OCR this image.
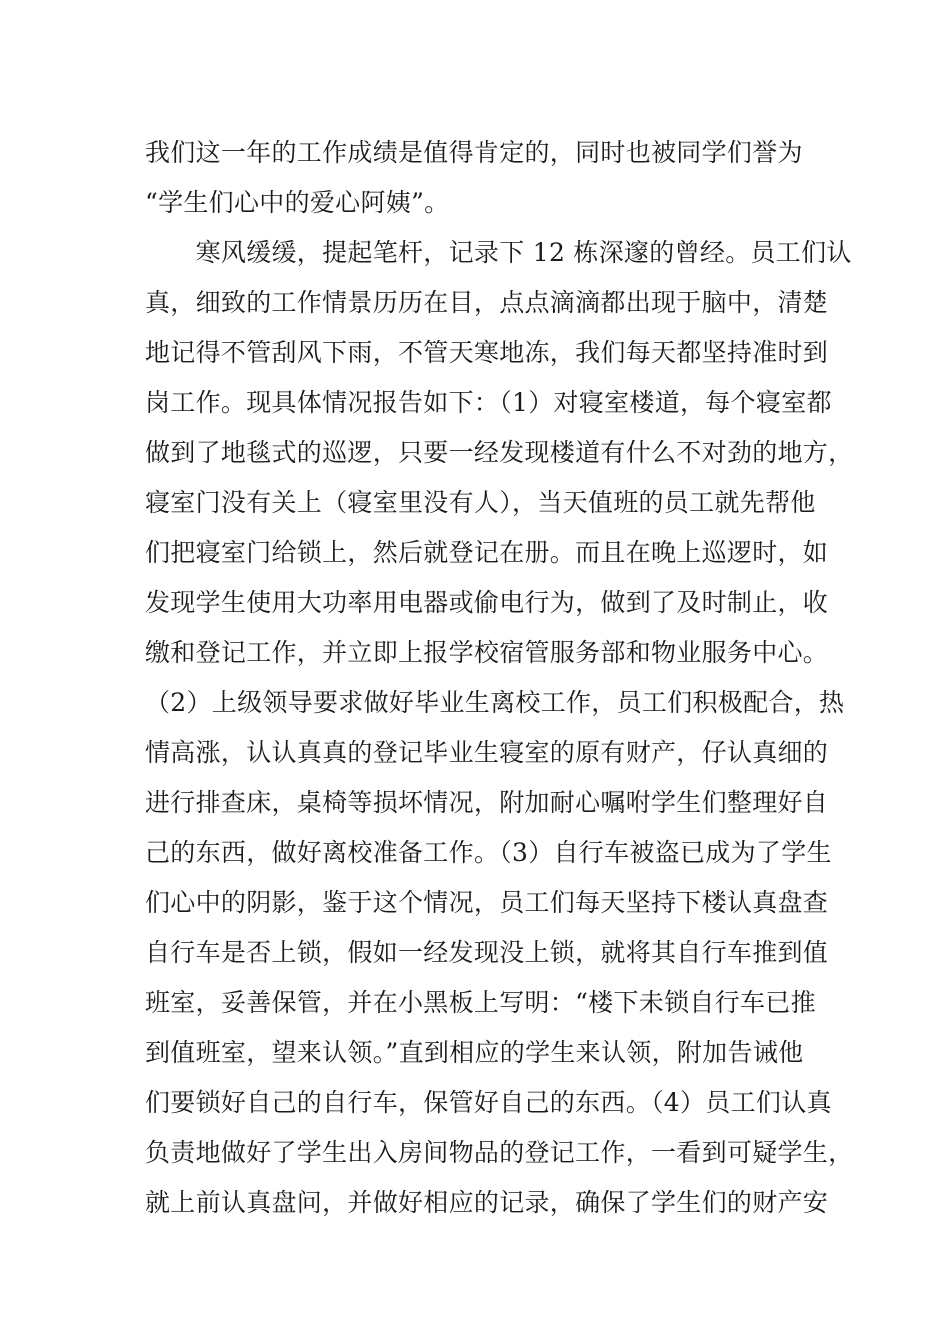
我们这一年的工作成绩是值得肯定的，同时也被同学们誉为
“学生们心中的爱心阿姨”。
　　寒风缓缓，提起笔杆，记录下 12 栋深邃的曾经。员工们认
真，细致的工作情景历历在目，点点滴滴都出现于脑中，清楚
地记得不管刮风下雨，不管天寒地冻，我们每天都坚持准时到
岗工作。现具体情况报告如下：（1）对寝室楼道，每个寝室都
做到了地毯式的巡逻，只要一经发现楼道有什么不对劲的地方，
寝室门没有关上（寝室里没有人），当天值班的员工就先帮他
们把寝室门给锁上，然后就登记在册。而且在晚上巡逻时，如
发现学生使用大功率用电器或偷电行为，做到了及时制止，收
缴和登记工作，并立即上报学校宿管服务部和物业服务中心。
（2）上级领导要求做好毕业生离校工作，员工们积极配合，热
情高涨，认认真真的登记毕业生寝室的原有财产，仔认真细的
进行排查床，桌椅等损坏情况，附加耐心嘱咐学生们整理好自
己的东西，做好离校准备工作。（3）自行车被盗已成为了学生
们心中的阴影，鉴于这个情况，员工们每天坚持下楼认真盘查
自行车是否上锁，假如一经发现没上锁，就将其自行车推到值
班室，妥善保管，并在小黑板上写明：“楼下未锁自行车已推
到值班室，望来认领。”直到相应的学生来认领，附加告诫他
们要锁好自己的自行车，保管好自己的东西。（4）员工们认真
负责地做好了学生出入房间物品的登记工作，一看到可疑学生，
就上前认真盘问，并做好相应的记录，确保了学生们的财产安
